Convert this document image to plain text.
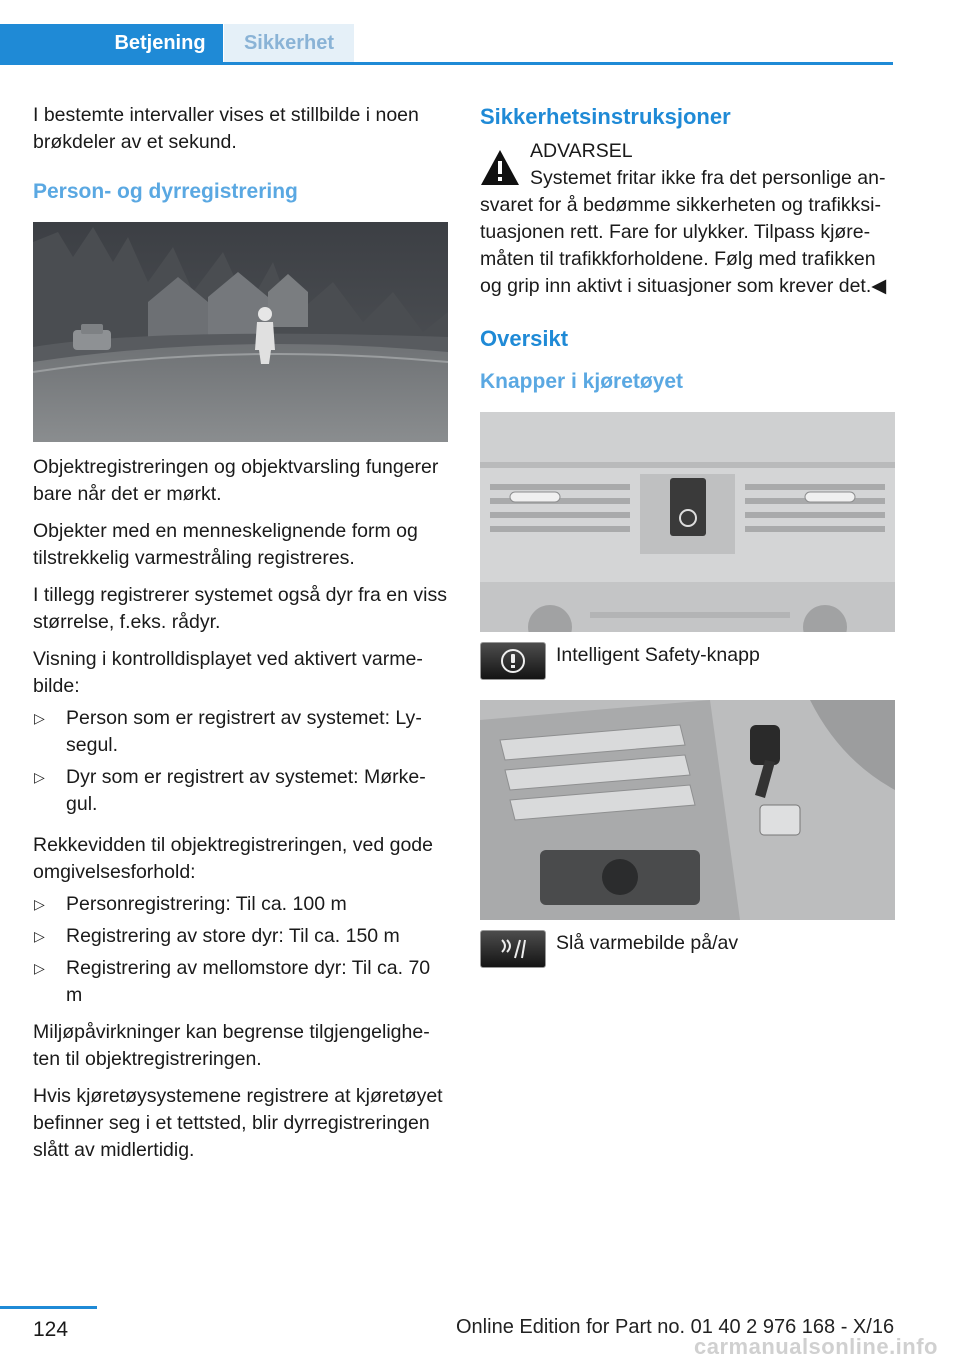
Betjening	Sikkerhet

I bestemte intervaller vises et stillbilde i noen brøkdeler av et sekund.

Person- og dyrregistrering

Objektregistreringen og objektvarsling fungerer bare når det er mørkt.

Objekter med en menneskelignende form og tilstrekkelig varmestråling registreres.

I tillegg registrerer systemet også dyr fra en viss størrelse, f.eks. rådyr.

Visning i kontrolldisplayet ved aktivert varmebilde:

▷ Person som er registrert av systemet: Lysegul.
▷ Dyr som er registrert av systemet: Mørkegul.

Rekkevidden til objektregistreringen, ved gode omgivelsesforhold:

▷ Personregistrering: Til ca. 100 m
▷ Registrering av store dyr: Til ca. 150 m
▷ Registrering av mellomstore dyr: Til ca. 70 m

Miljøpåvirkninger kan begrense tilgjengeligheten til objektregistreringen.

Hvis kjøretøysystemene registrere at kjøretøyet befinner seg i et tettsted, blir dyrregistreringen slått av midlertidig.

Sikkerhetsinstruksjoner

ADVARSEL

Systemet fritar ikke fra det personlige ansvaret for å bedømme sikkerheten og trafikksituasjonen rett. Fare for ulykker. Tilpass kjøremåten til trafikkforholdene. Følg med trafikken og grip inn aktivt i situasjoner som krever det.◀

Oversikt
Knapper i kjøretøyet
Intelligent Safety-knapp
Slå varmebilde på/av
124	Online Edition for Part no. 01 40 2 976 168 - X/16
carmanualsonline.info
